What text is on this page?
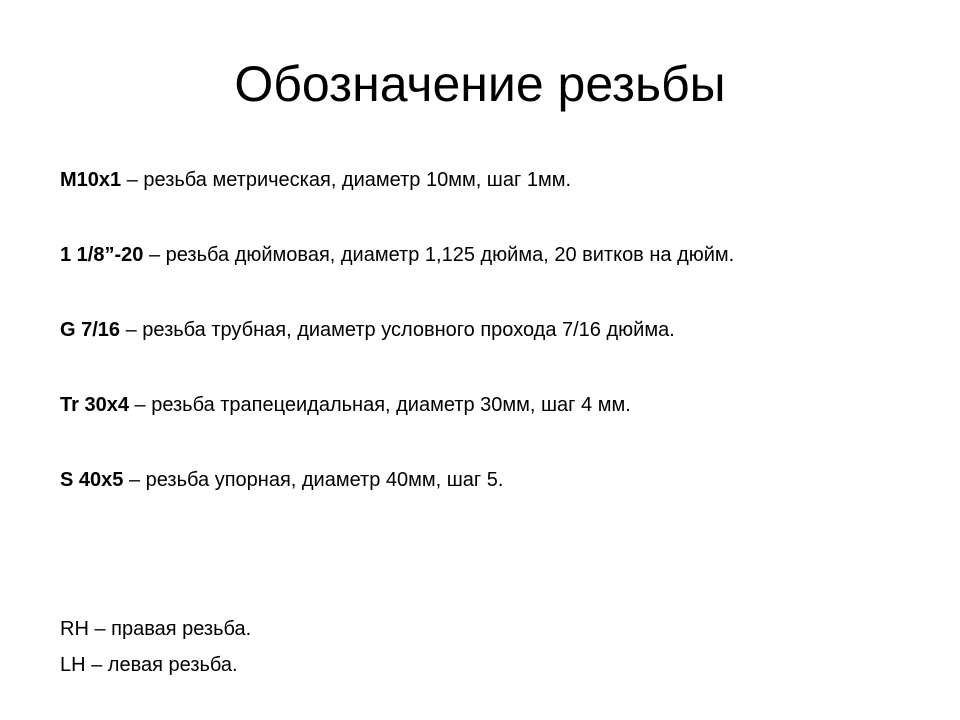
Обозначение резьбы
M10x1 – резьба метрическая, диаметр 10мм, шаг 1мм.
1 1/8”-20 – резьба дюймовая, диаметр 1,125 дюйма, 20 витков на дюйм.
G 7/16 – резьба трубная, диаметр условного прохода 7/16 дюйма.
Tr 30x4 – резьба трапецеидальная, диаметр 30мм, шаг 4 мм.
S 40x5 – резьба упорная, диаметр 40мм, шаг 5.
RH – правая резьба.
LH – левая резьба.
